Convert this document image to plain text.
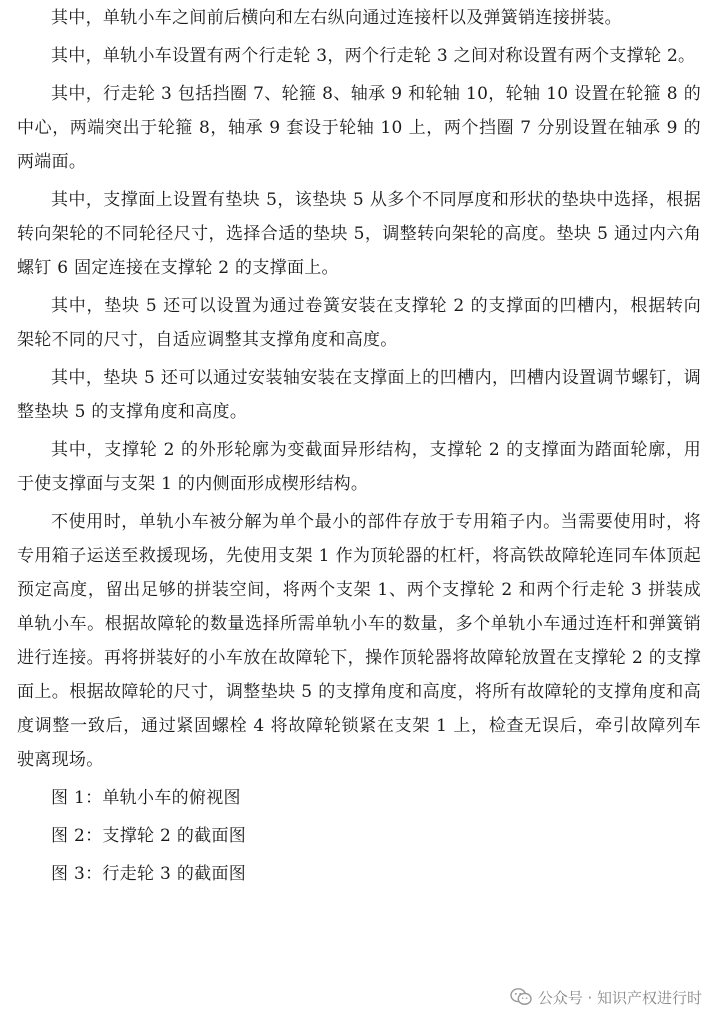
其中，单轨小车之间前后横向和左右纵向通过连接杆以及弹簧销连接拼装。

其中，单轨小车设置有两个行走轮 3，两个行走轮 3 之间对称设置有两个支撑轮 2。

其中，行走轮 3 包括挡圈 7、轮箍 8、轴承 9 和轮轴 10，轮轴 10 设置在轮箍 8 的中心，两端突出于轮箍 8，轴承 9 套设于轮轴 10 上，两个挡圈 7 分别设置在轴承 9 的两端面。

其中，支撑面上设置有垫块 5，该垫块 5 从多个不同厚度和形状的垫块中选择，根据转向架轮的不同轮径尺寸，选择合适的垫块 5，调整转向架轮的高度。垫块 5 通过内六角螺钉 6 固定连接在支撑轮 2 的支撑面上。

其中，垫块 5 还可以设置为通过卷簧安装在支撑轮 2 的支撑面的凹槽内，根据转向架轮不同的尺寸，自适应调整其支撑角度和高度。

其中，垫块 5 还可以通过安装轴安装在支撑面上的凹槽内，凹槽内设置调节螺钉，调整垫块 5 的支撑角度和高度。

其中，支撑轮 2 的外形轮廓为变截面异形结构，支撑轮 2 的支撑面为踏面轮廓，用于使支撑面与支架 1 的内侧面形成楔形结构。

不使用时，单轨小车被分解为单个最小的部件存放于专用箱子内。当需要使用时，将专用箱子运送至救援现场，先使用支架 1 作为顶轮器的杠杆，将高铁故障轮连同车体顶起预定高度，留出足够的拼装空间，将两个支架 1、两个支撑轮 2 和两个行走轮 3 拼装成单轨小车。根据故障轮的数量选择所需单轨小车的数量，多个单轨小车通过连杆和弹簧销进行连接。再将拼装好的小车放在故障轮下，操作顶轮器将故障轮放置在支撑轮 2 的支撑面上。根据故障轮的尺寸，调整垫块 5 的支撑角度和高度，将所有故障轮的支撑角度和高度调整一致后，通过紧固螺栓 4 将故障轮锁紧在支架 1 上，检查无误后，牵引故障列车驶离现场。

图 1：单轨小车的俯视图

图 2：支撑轮 2 的截面图

图 3：行走轮 3 的截面图

公众号 · 知识产权进行时
